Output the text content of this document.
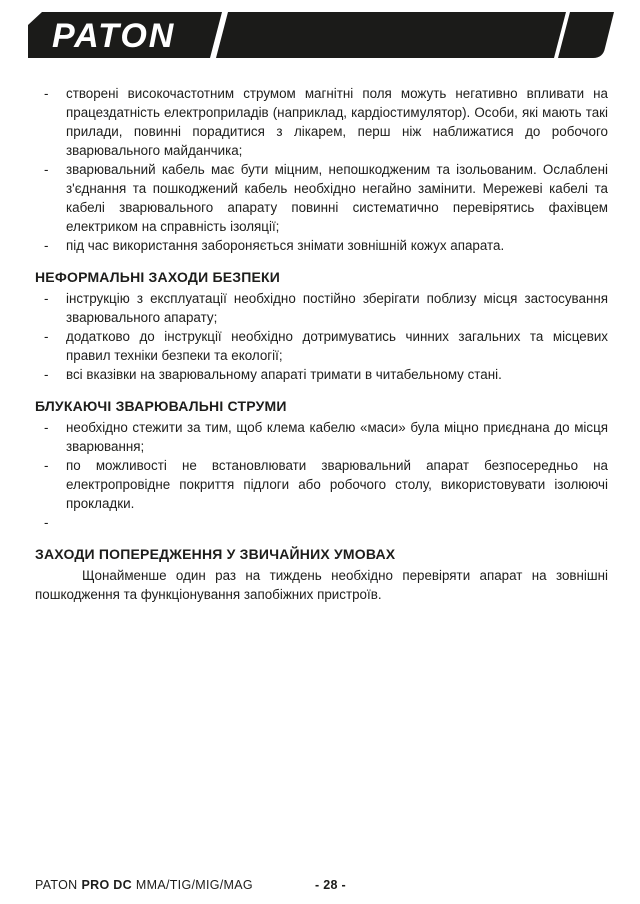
PATON
- створені високочастотним струмом магнітні поля можуть негативно впливати на працездатність електроприладів (наприклад, кардіостимулятор). Особи, які мають такі прилади, повинні порадитися з лікарем, перш ніж наближатися до робочого зварювального майданчика;
- зварювальний кабель має бути міцним, непошкодженим та ізольованим. Ослаблені з'єднання та пошкоджений кабель необхідно негайно замінити. Мережеві кабелі та кабелі зварювального апарату повинні систематично перевірятись фахівцем електриком на справність ізоляції;
- під час використання забороняється знімати зовнішній кожух апарата.
НЕФОРМАЛЬНІ ЗАХОДИ БЕЗПЕКИ
- інструкцію з експлуатації необхідно постійно зберігати поблизу місця застосування зварювального апарату;
- додатково до інструкції необхідно дотримуватись чинних загальних та місцевих правил техніки безпеки та екології;
- всі вказівки на зварювальному апараті тримати в читабельному стані.
БЛУКАЮЧІ ЗВАРЮВАЛЬНІ СТРУМИ
- необхідно стежити за тим, щоб клема кабелю «маси» була міцно приєднана до місця зварювання;
- по можливості не встановлювати зварювальний апарат безпосередньо на електропровідне покриття підлоги або робочого столу, використовувати ізолюючі прокладки.
-
ЗАХОДИ ПОПЕРЕДЖЕННЯ У ЗВИЧАЙНИХ УМОВАХ

Щонайменше один раз на тиждень необхідно перевіряти апарат на зовнішні пошкодження та функціонування запобіжних пристроїв.

PATON PRO DC MMA/TIG/MIG/MAG	- 28 -
